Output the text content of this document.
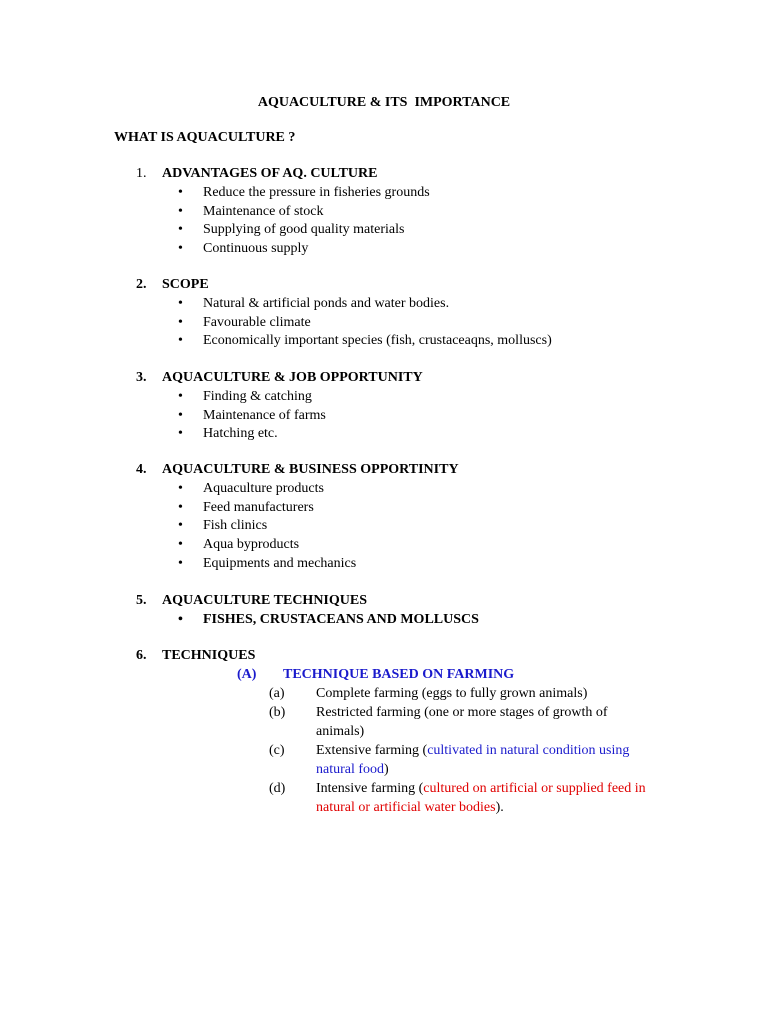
AQUACULTURE & ITS  IMPORTANCE
WHAT IS AQUACULTURE ?
1.	ADVANTAGES OF AQ. CULTURE
• Reduce the pressure in fisheries grounds
• Maintenance of stock
• Supplying of good quality materials
• Continuous supply
2.	SCOPE
• Natural & artificial ponds and water bodies.
• Favourable climate
• Economically important species (fish, crustaceaqns, molluscs)
3.	AQUACULTURE & JOB OPPORTUNITY
• Finding & catching
• Maintenance of farms
• Hatching etc.
4.	AQUACULTURE & BUSINESS OPPORTINITY
• Aquaculture products
• Feed manufacturers
• Fish clinics
• Aqua byproducts
• Equipments and mechanics
5.	AQUACULTURE TECHNIQUES
• FISHES, CRUSTACEANS AND MOLLUSCS
6.	TECHNIQUES
(A) TECHNIQUE BASED ON FARMING
(a) Complete farming (eggs to fully grown animals)
(b) Restricted farming (one or more stages of growth of animals)
(c) Extensive farming (cultivated in natural condition using natural food)
(d) Intensive farming (cultured on artificial or supplied feed in natural or artificial water bodies).
